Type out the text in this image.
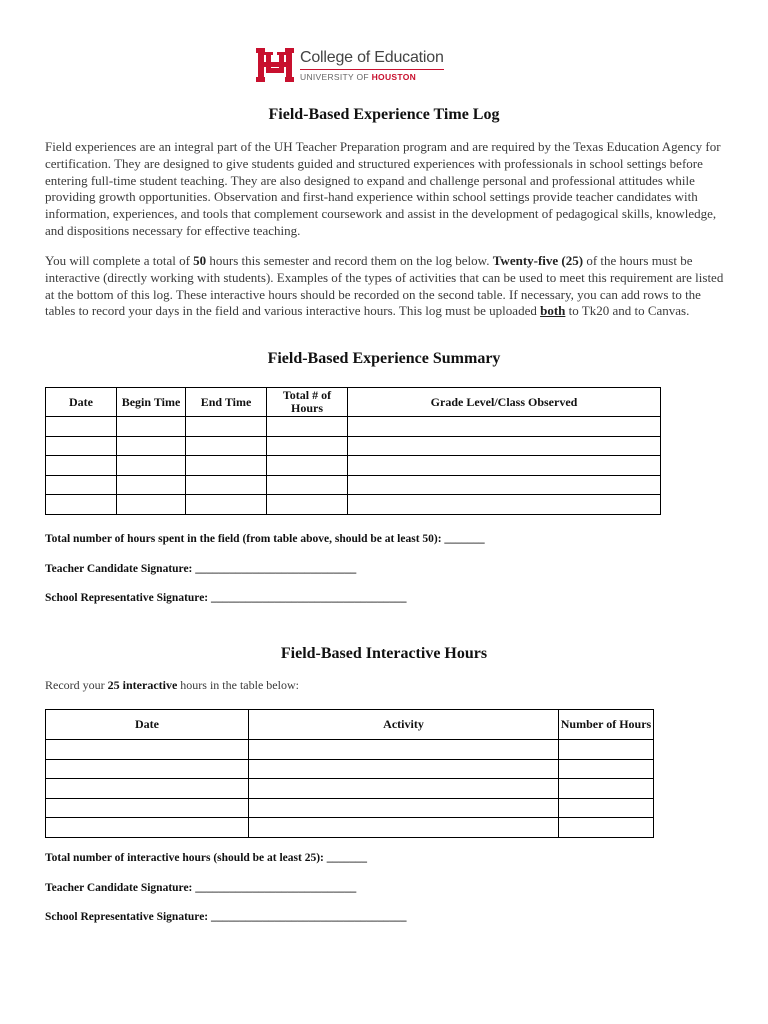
College of Education
UNIVERSITY OF HOUSTON
Field-Based Experience Time Log

Field experiences are an integral part of the UH Teacher Preparation program and are required by the Texas Education Agency for certification. They are designed to give students guided and structured experiences with professionals in school settings before entering full-time student teaching. They are also designed to expand and challenge personal and professional attitudes while providing growth opportunities. Observation and first-hand experience within school settings provide teacher candidates with information, experiences, and tools that complement coursework and assist in the development of pedagogical skills, knowledge, and dispositions necessary for effective teaching.

You will complete a total of 50 hours this semester and record them on the log below. Twenty-five (25) of the hours must be interactive (directly working with students). Examples of the types of activities that can be used to meet this requirement are listed at the bottom of this log. These interactive hours should be recorded on the second table. If necessary, you can add rows to the tables to record your days in the field and various interactive hours. This log must be uploaded both to Tk20 and to Canvas.

Field-Based Experience Summary
Date	Begin Time	End Time	Total # of Hours	Grade Level/Class Observed

Total number of hours spent in the field (from table above, should be at least 50): _______

Teacher Candidate Signature: ____________________________

School Representative Signature: __________________________________

Field-Based Interactive Hours

Record your 25 interactive hours in the table below:

Date	Activity	Number of Hours

Total number of interactive hours (should be at least 25): _______

Teacher Candidate Signature: ____________________________

School Representative Signature: __________________________________
